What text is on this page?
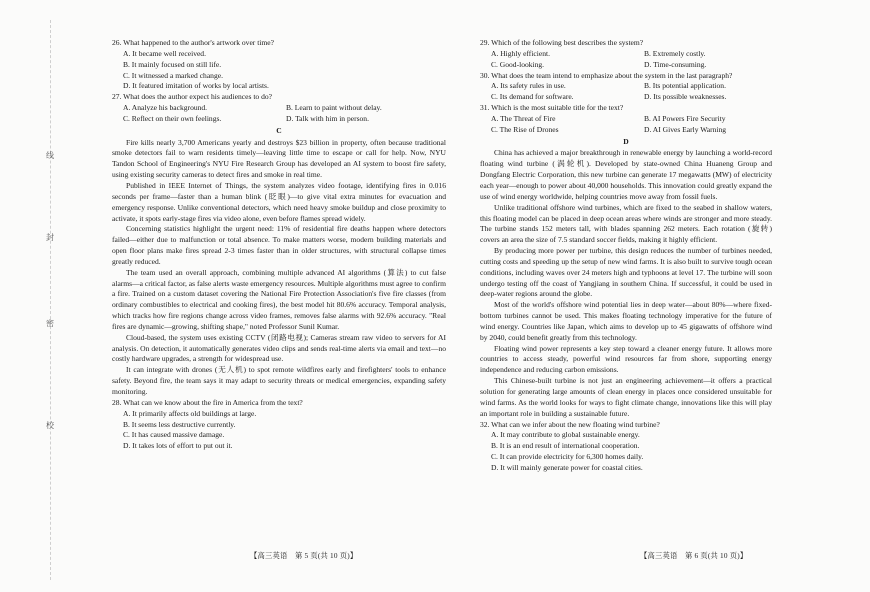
线
封
密
校
26. What happened to the author's artwork over time?
A. It became well received.
B. It mainly focused on still life.
C. It witnessed a marked change.
D. It featured imitation of works by local artists.
27. What does the author expect his audiences to do?
A. Analyze his background.	B. Learn to paint without delay.
C. Reflect on their own feelings.	D. Talk with him in person.
C
Fire kills nearly 3,700 Americans yearly and destroys $23 billion in property, often because traditional smoke detectors fail to warn residents timely—leaving little time to escape or call for help. Now, NYU Tandon School of Engineering's NYU Fire Research Group has developed an AI system to boost fire safety, using existing security cameras to detect fires and smoke in real time.
Published in IEEE Internet of Things, the system analyzes video footage, identifying fires in 0.016 seconds per frame—faster than a human blink (眨眼)—to give vital extra minutes for evacuation and emergency response. Unlike conventional detectors, which need heavy smoke buildup and close proximity to activate, it spots early-stage fires via video alone, even before flames spread widely.
Concerning statistics highlight the urgent need: 11% of residential fire deaths happen where detectors failed—either due to malfunction or total absence. To make matters worse, modern building materials and open floor plans make fires spread 2-3 times faster than in older structures, with structural collapse times greatly reduced.
The team used an overall approach, combining multiple advanced AI algorithms (算法) to cut false alarms—a critical factor, as false alerts waste emergency resources. Multiple algorithms must agree to confirm a fire. Trained on a custom dataset covering the National Fire Protection Association's five fire classes (from ordinary combustibles to electrical and cooking fires), the best model hit 80.6% accuracy. Temporal analysis, which tracks how fire regions change across video frames, removes false alarms with 92.6% accuracy. "Real fires are dynamic—growing, shifting shape," noted Professor Sunil Kumar.
Cloud-based, the system uses existing CCTV (闭路电视); Cameras stream raw video to servers for AI analysis. On detection, it automatically generates video clips and sends real-time alerts via email and text—no costly hardware upgrades, a strength for widespread use.
It can integrate with drones (无人机) to spot remote wildfires early and firefighters' tools to enhance safety. Beyond fire, the team says it may adapt to security threats or medical emergencies, expanding safety monitoring.
28. What can we know about the fire in America from the text?
A. It primarily affects old buildings at large.
B. It seems less destructive currently.
C. It has caused massive damage.
D. It takes lots of effort to put out it.
29. Which of the following best describes the system?
A. Highly efficient.	B. Extremely costly.
C. Good-looking.	D. Time-consuming.
30. What does the team intend to emphasize about the system in the last paragraph?
A. Its safety rules in use.	B. Its potential application.
C. Its demand for software.	D. Its possible weaknesses.
31. Which is the most suitable title for the text?
A. The Threat of Fire	B. AI Powers Fire Security
C. The Rise of Drones	D. AI Gives Early Warning
D
China has achieved a major breakthrough in renewable energy by launching a world-record floating wind turbine (涡轮机). Developed by state-owned China Huaneng Group and Dongfang Electric Corporation, this new turbine can generate 17 megawatts (MW) of electricity each year—enough to power about 40,000 households. This innovation could greatly expand the use of wind energy worldwide, helping countries move away from fossil fuels.
Unlike traditional offshore wind turbines, which are fixed to the seabed in shallow waters, this floating model can be placed in deep ocean areas where winds are stronger and more steady. The turbine stands 152 meters tall, with blades spanning 262 meters. Each rotation (旋转) covers an area the size of 7.5 standard soccer fields, making it highly efficient.
By producing more power per turbine, this design reduces the number of turbines needed, cutting costs and speeding up the setup of new wind farms. It is also built to survive tough ocean conditions, including waves over 24 meters high and typhoons at level 17. The turbine will soon undergo testing off the coast of Yangjiang in southern China. If successful, it could be used in deep-water regions around the globe.
Most of the world's offshore wind potential lies in deep water—about 80%—where fixed-bottom turbines cannot be used. This makes floating technology imperative for the future of wind energy. Countries like Japan, which aims to develop up to 45 gigawatts of offshore wind by 2040, could benefit greatly from this technology.
Floating wind power represents a key step toward a cleaner energy future. It allows more countries to access steady, powerful wind resources far from shore, supporting energy independence and reducing carbon emissions.
This Chinese-built turbine is not just an engineering achievement—it offers a practical solution for generating large amounts of clean energy in places once considered unsuitable for wind farms. As the world looks for ways to fight climate change, innovations like this will play an important role in building a sustainable future.
32. What can we infer about the new floating wind turbine?
A. It may contribute to global sustainable energy.
B. It is an end result of international cooperation.
C. It can provide electricity for 6,300 homes daily.
D. It will mainly generate power for coastal cities.
【高三英语　第 5 页(共 10 页)】	【高三英语　第 6 页(共 10 页)】
